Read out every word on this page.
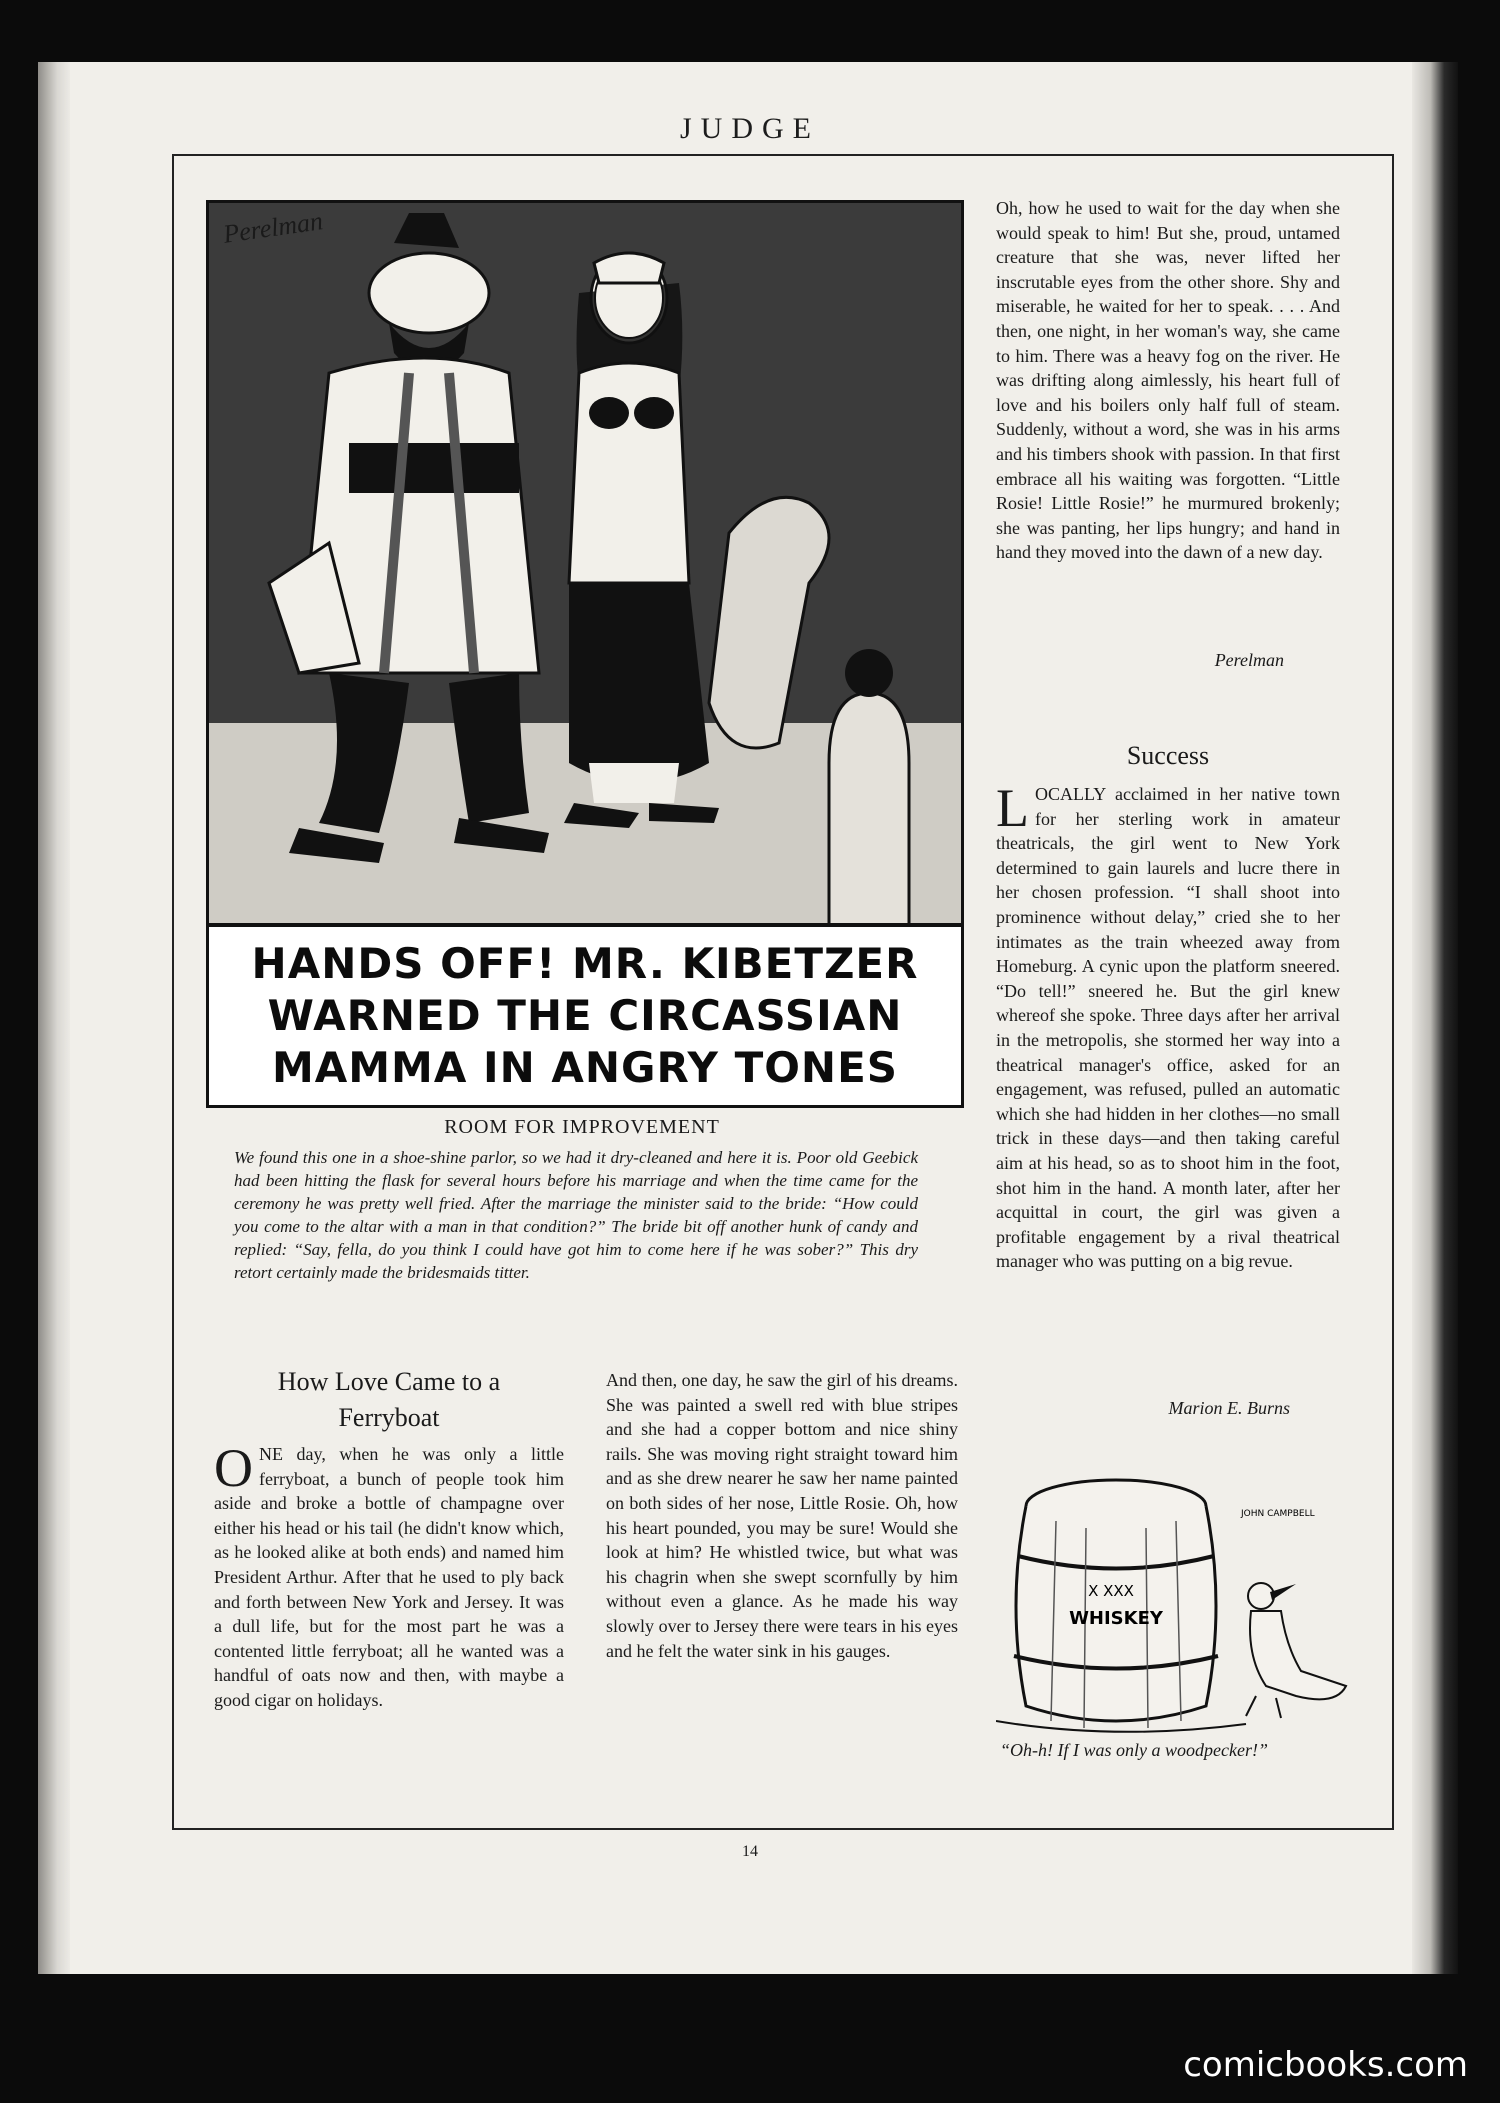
JUDGE
Perelman
HANDS OFF! MR. KIBETZER
WARNED THE CIRCASSIAN
MAMMA IN ANGRY TONES
ROOM FOR IMPROVEMENT
We found this one in a shoe-shine parlor, so we had it dry-cleaned and here it is. Poor old Geebick had been hitting the flask for several hours before his marriage and when the time came for the ceremony he was pretty well fried. After the marriage the minister said to the bride: “How could you come to the altar with a man in that condition?” The bride bit off another hunk of candy and replied: “Say, fella, do you think I could have got him to come here if he was sober?” This dry retort certainly made the bridesmaids titter.
How Love Came to a
Ferryboat
ONE day, when he was only a little ferryboat, a bunch of people took him aside and broke a bottle of champagne over either his head or his tail (he didn't know which, as he looked alike at both ends) and named him President Arthur. After that he used to ply back and forth between New York and Jersey. It was a dull life, but for the most part he was a contented little ferryboat; all he wanted was a handful of oats now and then, with maybe a good cigar on holidays.
And then, one day, he saw the girl of his dreams. She was painted a swell red with blue stripes and she had a copper bottom and nice shiny rails. She was moving right straight toward him and as she drew nearer he saw her name painted on both sides of her nose, Little Rosie. Oh, how his heart pounded, you may be sure! Would she look at him? He whistled twice, but what was his chagrin when she swept scornfully by him without even a glance. As he made his way slowly over to Jersey there were tears in his eyes and he felt the water sink in his gauges.
Oh, how he used to wait for the day when she would speak to him! But she, proud, untamed creature that she was, never lifted her inscrutable eyes from the other shore. Shy and miserable, he waited for her to speak. . . . And then, one night, in her woman's way, she came to him. There was a heavy fog on the river. He was drifting along aimlessly, his heart full of love and his boilers only half full of steam. Suddenly, without a word, she was in his arms and his timbers shook with passion. In that first embrace all his waiting was forgotten. “Little Rosie! Little Rosie!” he murmured brokenly; she was panting, her lips hungry; and hand in hand they moved into the dawn of a new day.
Perelman
Success
LOCALLY acclaimed in her native town for her sterling work in amateur theatricals, the girl went to New York determined to gain laurels and lucre there in her chosen profession. “I shall shoot into prominence without delay,” cried she to her intimates as the train wheezed away from Homeburg. A cynic upon the platform sneered. “Do tell!” sneered he. But the girl knew whereof she spoke. Three days after her arrival in the metropolis, she stormed her way into a theatrical manager's office, asked for an engagement, was refused, pulled an automatic which she had hidden in her clothes—no small trick in these days—and then taking careful aim at his head, so as to shoot him in the foot, shot him in the hand. A month later, after her acquittal in court, the girl was given a profitable engagement by a rival theatrical manager who was putting on a big revue.
Marion E. Burns
X XXX
WHISKEY
JOHN CAMPBELL
“Oh-h! If I was only a woodpecker!”
14
comicbooks.com
